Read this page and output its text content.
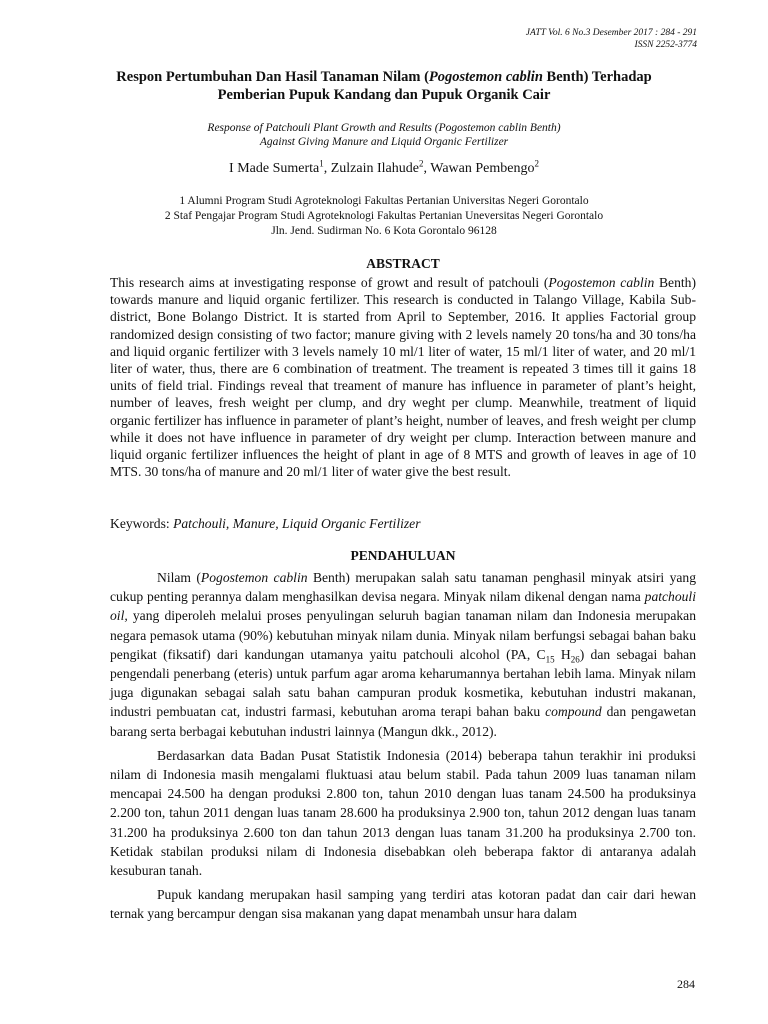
JATT Vol. 6 No.3 Desember 2017 : 284 - 291
ISSN 2252-3774
Respon Pertumbuhan Dan Hasil Tanaman Nilam (Pogostemon cablin Benth) Terhadap Pemberian Pupuk Kandang dan Pupuk Organik Cair
Response of Patchouli Plant Growth and Results (Pogostemon cablin Benth)
Against Giving Manure and Liquid Organic Fertilizer
I Made Sumerta$^1$, Zulzain Ilahude$^2$, Wawan Pembengo$^2$
1 Alumni Program Studi Agroteknologi Fakultas Pertanian Universitas Negeri Gorontalo
2 Staf Pengajar Program Studi Agroteknologi Fakultas Pertanian Uneversitas Negeri Gorontalo
Jln. Jend. Sudirman No. 6 Kota Gorontalo 96128
ABSTRACT
This research aims at investigating response of growt and result of patchouli (Pogostemon cablin Benth) towards manure and liquid organic fertilizer. This research is conducted in Talango Village, Kabila Sub-district, Bone Bolango District. It is started from April to September, 2016. It applies Factorial group randomized design consisting of two factor; manure giving with 2 levels namely 20 tons/ha and 30 tons/ha and liquid organic fertilizer with 3 levels namely 10 ml/1 liter of water, 15 ml/1 liter of water, and 20 ml/1 liter of water, thus, there are 6 combination of treatment. The treament is repeated 3 times till it gains 18 units of field trial. Findings reveal that treament of manure has influence in parameter of plant’s height, number of leaves, fresh weight per clump, and dry weght per clump. Meanwhile, treatment of liquid organic fertilizer has influence in parameter of plant’s height, number of leaves, and fresh weight per clump while it does not have influence in parameter of dry weight per clump. Interaction between manure and liquid organic fertilizer influences the height of plant in age of 8 MTS and growth of leaves in age of 10 MTS. 30 tons/ha of manure and 20 ml/1 liter of water give the best result.
Keywords: Patchouli, Manure, Liquid Organic Fertilizer
PENDAHULUAN

Nilam (Pogostemon cablin Benth) merupakan salah satu tanaman penghasil minyak atsiri yang cukup penting perannya dalam menghasilkan devisa negara. Minyak nilam dikenal dengan nama patchouli oil, yang diperoleh melalui proses penyulingan seluruh bagian tanaman nilam dan Indonesia merupakan negara pemasok utama (90%) kebutuhan minyak nilam dunia. Minyak nilam berfungsi sebagai bahan baku pengikat (fiksatif) dari kandungan utamanya yaitu patchouli alcohol (PA, $C_{15}$ $H_{26}$) dan sebagai bahan pengendali penerbang (eteris) untuk parfum agar aroma keharumannya bertahan lebih lama. Minyak nilam juga digunakan sebagai salah satu bahan campuran produk kosmetika, kebutuhan industri makanan, industri pembuatan cat, industri farmasi, kebutuhan aroma terapi bahan baku compound dan pengawetan barang serta berbagai kebutuhan industri lainnya (Mangun dkk., 2012).

Berdasarkan data Badan Pusat Statistik Indonesia (2014) beberapa tahun terakhir ini produksi nilam di Indonesia masih mengalami fluktuasi atau belum stabil. Pada tahun 2009 luas tanaman nilam mencapai 24.500 ha dengan produksi 2.800 ton, tahun 2010 dengan luas tanam 24.500 ha produksinya 2.200 ton, tahun 2011 dengan luas tanam 28.600 ha produksinya 2.900 ton, tahun 2012 dengan luas tanam 31.200 ha produksinya 2.600 ton dan tahun 2013 dengan luas tanam 31.200 ha produksinya 2.700 ton. Ketidak stabilan produksi nilam di Indonesia disebabkan oleh beberapa faktor di antaranya adalah kesuburan tanah.

Pupuk kandang merupakan hasil samping yang terdiri atas kotoran padat dan cair dari hewan ternak yang bercampur dengan sisa makanan yang dapat menambah unsur hara dalam

284
